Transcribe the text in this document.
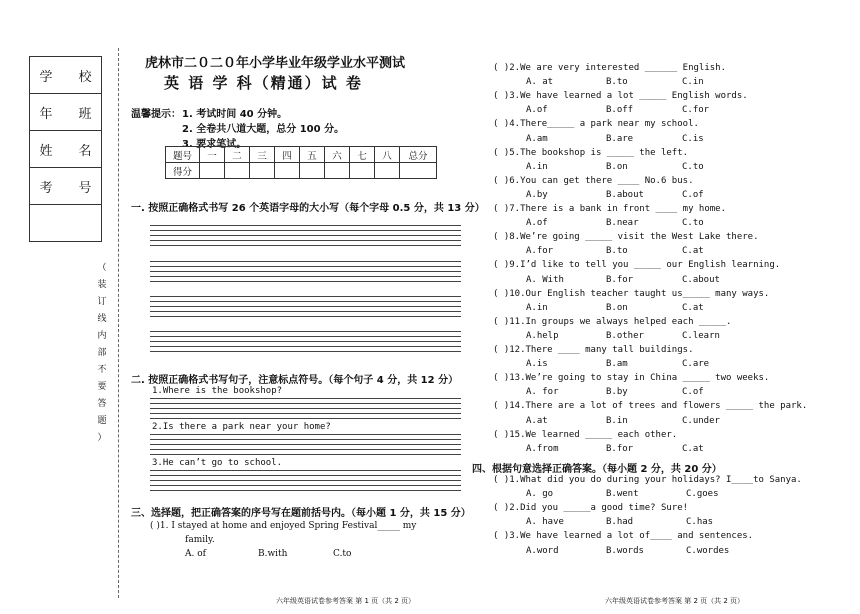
学　　校
年　　班
姓　　名
考　　号
（
装
订
线
内
部
不
要
答
题
）
虎林市二０二０年小学毕业年级学业水平测试
英 语 学 科（精通）试 卷
温馨提示： 1. 考试时间 40 分钟。
2. 全卷共八道大题，总分 100 分。
3. 要求笔试。
题号	一	二	三	四	五	六	七	八	总分
得分									
一. 按照正确格式书写 26 个英语字母的大小写（每个字母 0.5 分，共 13 分）
二. 按照正确格式书写句子，注意标点符号。（每个句子 4 分，共 12 分）
1.Where is the bookshop?
2.Is there a park near your home?
3.He can’t go to school.
三、选择题，把正确答案的序号写在题前括号内。（每小题 1 分，共 15 分）
( )1. I stayed at home and enjoyed Spring Festival_____ my
family.
A. of	B.with	C.to
六年级英语试卷参考答案 第 1 页（共 2 页）
( )2.We are very interested ______ English.
A. at	B.to	C.in
( )3.We have learned a lot _____ English words.
A.of	B.off	C.for
( )4.There_____ a park near my school.
A.am	B.are	C.is
( )5.The bookshop is _____ the left.
A.in	B.on	C.to
( )6.You can get there ____ No.6 bus.
A.by	B.about	C.of
( )7.There is a bank in front ____ my home.
A.of	B.near	C.to
( )8.We’re going _____ visit the West Lake there.
A.for	B.to	C.at
( )9.I’d like to tell you _____ our English learning.
A. With	B.for	C.about
( )10.Our English teacher taught us_____ many ways.
A.in	B.on	C.at
( )11.In groups we always helped each _____.
A.help	B.other	C.learn
( )12.There ____ many tall buildings.
A.is	B.am	C.are
( )13.We’re going to stay in China _____ two weeks.
A. for	B.by	C.of
( )14.There are a lot of trees and flowers _____ the park.
A.at	B.in	C.under
( )15.We learned _____ each other.
A.from	B.for	C.at
四、根据句意选择正确答案。（每小题 2 分，共 20 分）
( )1.What did you do during your holidays? I____to Sanya.
A. go	B.went	C.goes
( )2.Did you _____a good time? Sure!
A. have	B.had	C.has
( )3.We have learned a lot of____ and sentences.
A.word	B.words	C.wordes
六年级英语试卷参考答案 第 2 页（共 2 页）
